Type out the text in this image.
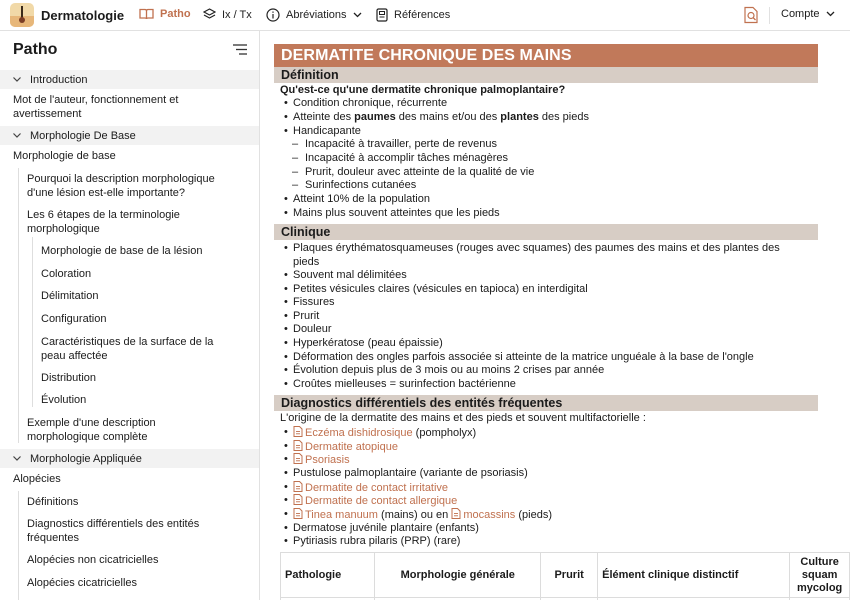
Dermatologie	Patho	Ix / Tx	Abréviations	Références	Compte
Patho
Introduction
Mot de l'auteur, fonctionnement et avertissement
Morphologie De Base
Morphologie de base
Pourquoi la description morphologique d'une lésion est-elle importante?
Les 6 étapes de la terminologie morphologique
Morphologie de base de la lésion
Coloration
Délimitation
Configuration
Caractéristiques de la surface de la peau affectée
Distribution
Évolution
Exemple d'une description morphologique complète
Morphologie Appliquée
Alopécies
Définitions
Diagnostics différentiels des entités fréquentes
Alopécies non cicatricielles
Alopécies cicatricielles
DERMATITE CHRONIQUE DES MAINS
Définition
Qu'est-ce qu'une dermatite chronique palmoplantaire?
• Condition chronique, récurrente
• Atteinte des paumes des mains et/ou des plantes des pieds
• Handicapante
– Incapacité à travailler, perte de revenus
– Incapacité à accomplir tâches ménagères
– Prurit, douleur avec atteinte de la qualité de vie
– Surinfections cutanées
• Atteint 10% de la population
• Mains plus souvent atteintes que les pieds
Clinique
• Plaques érythématosquameuses (rouges avec squames) des paumes des mains et des plantes des pieds
• Souvent mal délimitées
• Petites vésicules claires (vésicules en tapioca) en interdigital
• Fissures
• Prurit
• Douleur
• Hyperkératose (peau épaissie)
• Déformation des ongles parfois associée si atteinte de la matrice unguéale à la base de l'ongle
• Évolution depuis plus de 3 mois ou au moins 2 crises par année
• Croûtes mielleuses = surinfection bactérienne
Diagnostics différentiels des entités fréquentes
L'origine de la dermatite des mains et des pieds et souvent multifactorielle :
•	Eczéma dishidrosique (pompholyx)
•	Dermatite atopique
•	Psoriasis
• Pustulose palmoplantaire (variante de psoriasis)
•	Dermatite de contact irritative
•	Dermatite de contact allergique
•	Tinea manuum (mains) ou en mocassins (pieds)
• Dermatose juvénile plantaire (enfants)
• Pytiriasis rubra pilaris (PRP) (rare)
Pathologie	Morphologie générale	Prurit	Élément clinique distinctif	Culture squam mycolog
